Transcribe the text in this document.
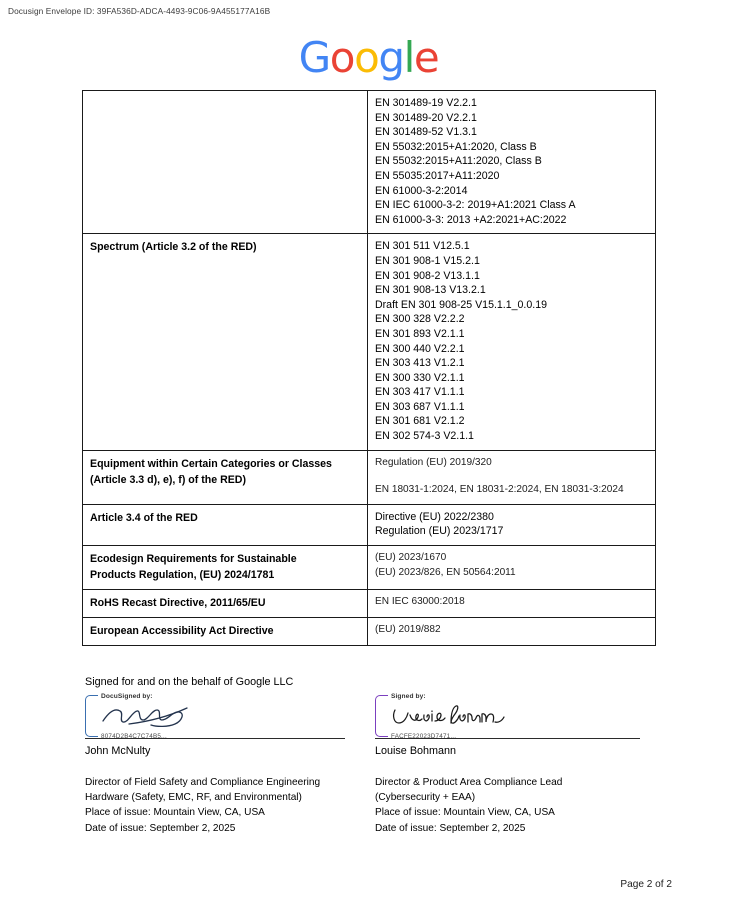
Docusign Envelope ID: 39FA536D-ADCA-4493-9C06-9A455177A16B
Google

EN 301489-19 V2.2.1
EN 301489-20 V2.2.1
EN 301489-52 V1.3.1
EN 55032:2015+A1:2020, Class B
EN 55032:2015+A11:2020, Class B
EN 55035:2017+A11:2020
EN 61000-3-2:2014
EN IEC 61000-3-2: 2019+A1:2021 Class A
EN 61000-3-3: 2013 +A2:2021+AC:2022

Spectrum (Article 3.2 of the RED)	EN 301 511 V12.5.1
EN 301 908-1 V15.2.1
EN 301 908-2 V13.1.1
EN 301 908-13 V13.2.1
Draft EN 301 908-25 V15.1.1_0.0.19
EN 300 328 V2.2.2
EN 301 893 V2.1.1
EN 300 440 V2.2.1
EN 303 413 V1.2.1
EN 300 330 V2.1.1
EN 303 417 V1.1.1
EN 303 687 V1.1.1
EN 301 681 V2.1.2
EN 302 574-3 V2.1.1

Equipment within Certain Categories or Classes
(Article 3.3 d), e), f) of the RED)	Regulation (EU) 2019/320
EN 18031-1:2024, EN 18031-2:2024, EN 18031-3:2024

Article 3.4 of the RED	Directive (EU) 2022/2380
Regulation (EU) 2023/1717

Ecodesign Requirements for Sustainable
Products Regulation, (EU) 2024/1781	(EU) 2023/1670
(EU) 2023/826, EN 50564:2011

RoHS Recast Directive, 2011/65/EU	EN IEC 63000:2018

European Accessibility Act Directive	(EU) 2019/882
Signed for and on the behalf of Google LLC
DocuSigned by:
8074D2B4C7C74B5...
Signed by:
FACFE22023D7471...
John McNulty	Louise Bohmann
Director of Field Safety and Compliance Engineering
Hardware (Safety, EMC, RF, and Environmental)
Place of issue: Mountain View, CA, USA
Date of issue: September 2, 2025
Director & Product Area Compliance Lead
(Cybersecurity + EAA)
Place of issue: Mountain View, CA, USA
Date of issue: September 2, 2025
Page 2 of 2
